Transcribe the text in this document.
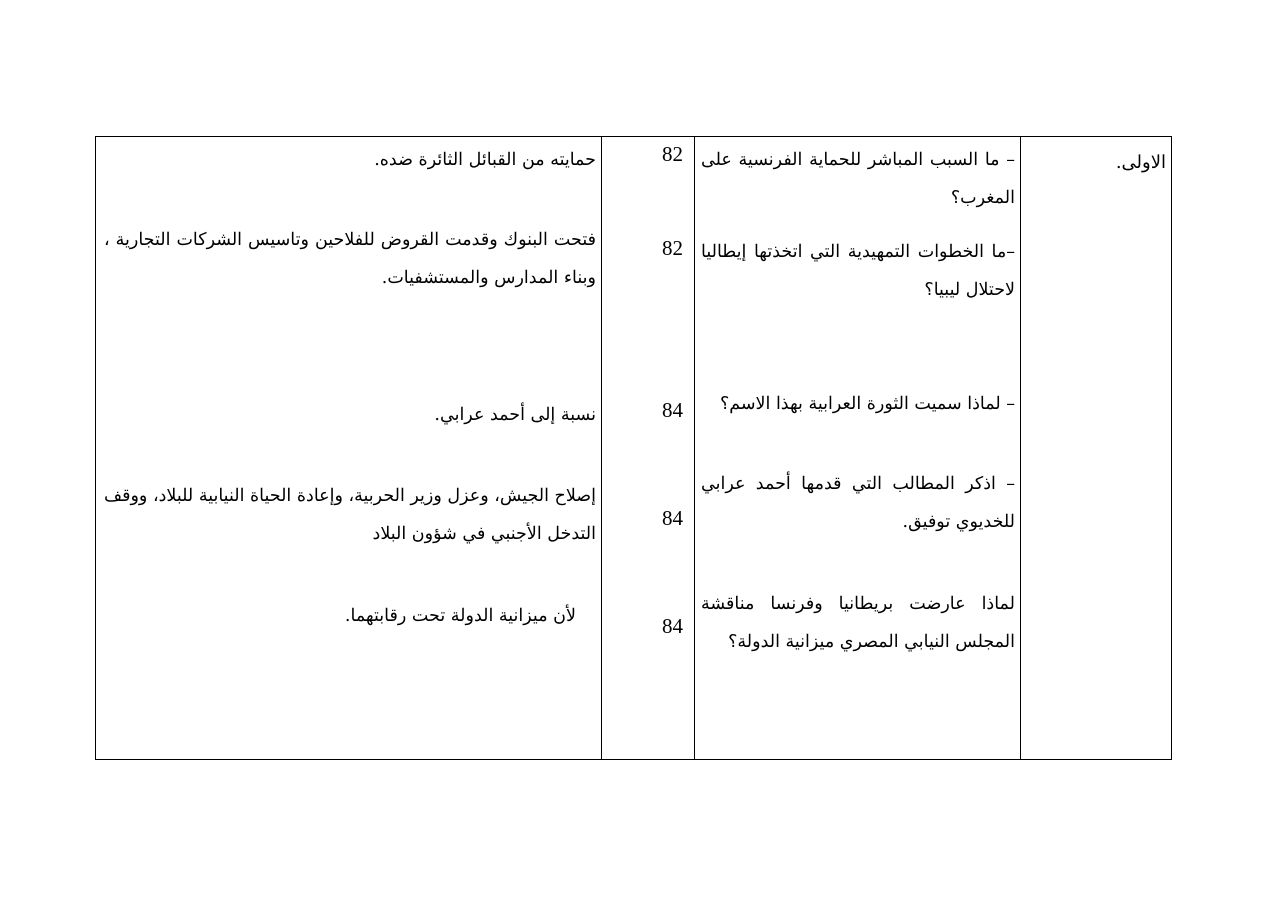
الاولى.
– ما السبب المباشر للحماية الفرنسية على المغرب؟
82
حمايته من القبائل الثائرة ضده.
–ما الخطوات التمهيدية التي اتخذتها إيطاليا لاحتلال ليبيا؟
82
فتحت البنوك وقدمت القروض للفلاحين وتاسيس الشركات التجارية ، وبناء المدارس والمستشفيات.
– لماذا سميت الثورة العرابية بهذا الاسم؟
84
نسبة إلى أحمد عرابي.
– اذكر المطالب التي قدمها أحمد عرابي للخديوي توفيق.
84
إصلاح الجيش، وعزل وزير الحربية، وإعادة الحياة النيابية للبلاد، ووقف التدخل الأجنبي في شؤون البلاد
لماذا عارضت بريطانيا وفرنسا مناقشة المجلس النيابي المصري ميزانية الدولة؟
84
لأن ميزانية الدولة تحت رقابتهما.
